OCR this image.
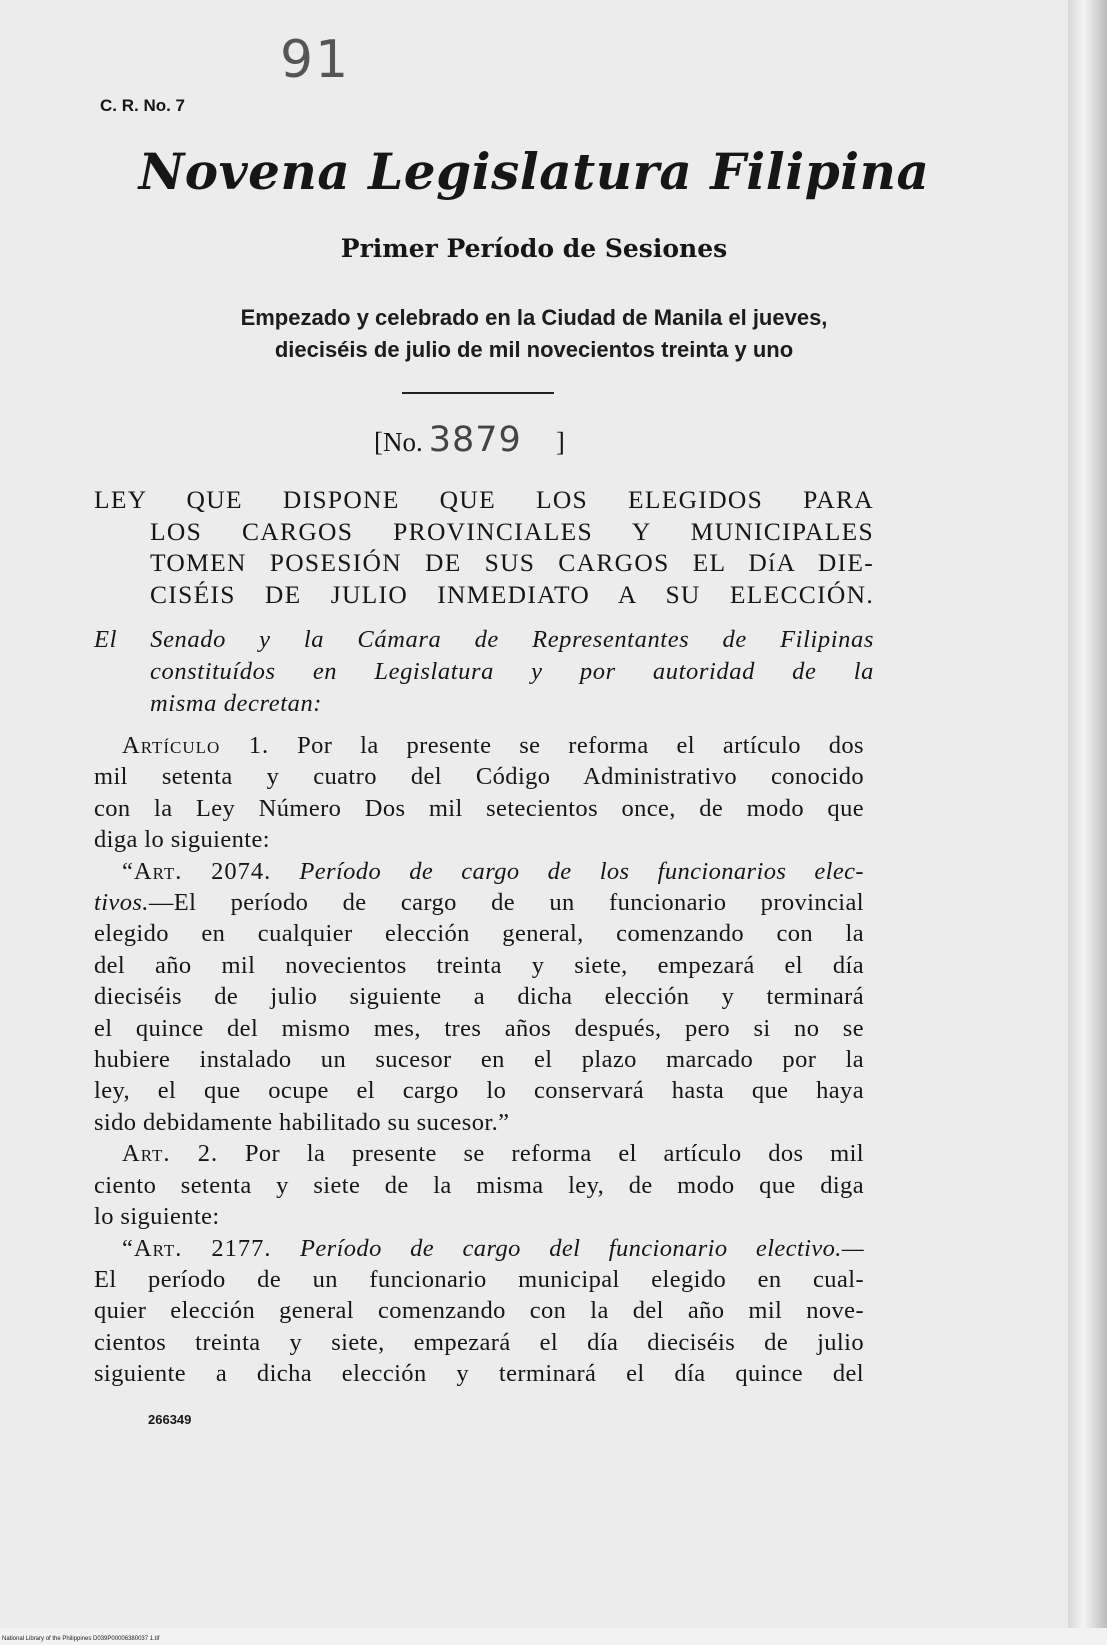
91
C. R. No. 7
Novena Legislatura Filipina
Primer Período de Sesiones
Empezado y celebrado en la Ciudad de Manila el jueves,
dieciséis de julio de mil novecientos treinta y uno
[No. 3879 ]
LEY QUE DISPONE QUE LOS ELEGIDOS PARA
LOS CARGOS PROVINCIALES Y MUNICIPALES
TOMEN POSESIÓN DE SUS CARGOS EL DíA DIE-
CISÉIS DE JULIO INMEDIATO A SU ELECCIÓN.
El Senado y la Cámara de Representantes de Filipinas
constituídos en Legislatura y por autoridad de la
misma decretan:
Artículo 1. Por la presente se reforma el artículo dos
mil setenta y cuatro del Código Administrativo conocido
con la Ley Número Dos mil setecientos once, de modo que
diga lo siguiente:
“Art. 2074. Período de cargo de los funcionarios elec-
tivos.—El período de cargo de un funcionario provincial
elegido en cualquier elección general, comenzando con la
del año mil novecientos treinta y siete, empezará el día
dieciséis de julio siguiente a dicha elección y terminará
el quince del mismo mes, tres años después, pero si no se
hubiere instalado un sucesor en el plazo marcado por la
ley, el que ocupe el cargo lo conservará hasta que haya
sido debidamente habilitado su sucesor.”
Art. 2. Por la presente se reforma el artículo dos mil
ciento setenta y siete de la misma ley, de modo que diga
lo siguiente:
“Art. 2177. Período de cargo del funcionario electivo.—
El período de un funcionario municipal elegido en cual-
quier elección general comenzando con la del año mil nove-
cientos treinta y siete, empezará el día dieciséis de julio
siguiente a dicha elección y terminará el día quince del
266349
National Library of the Philippines D039P00006380037 1.tif
